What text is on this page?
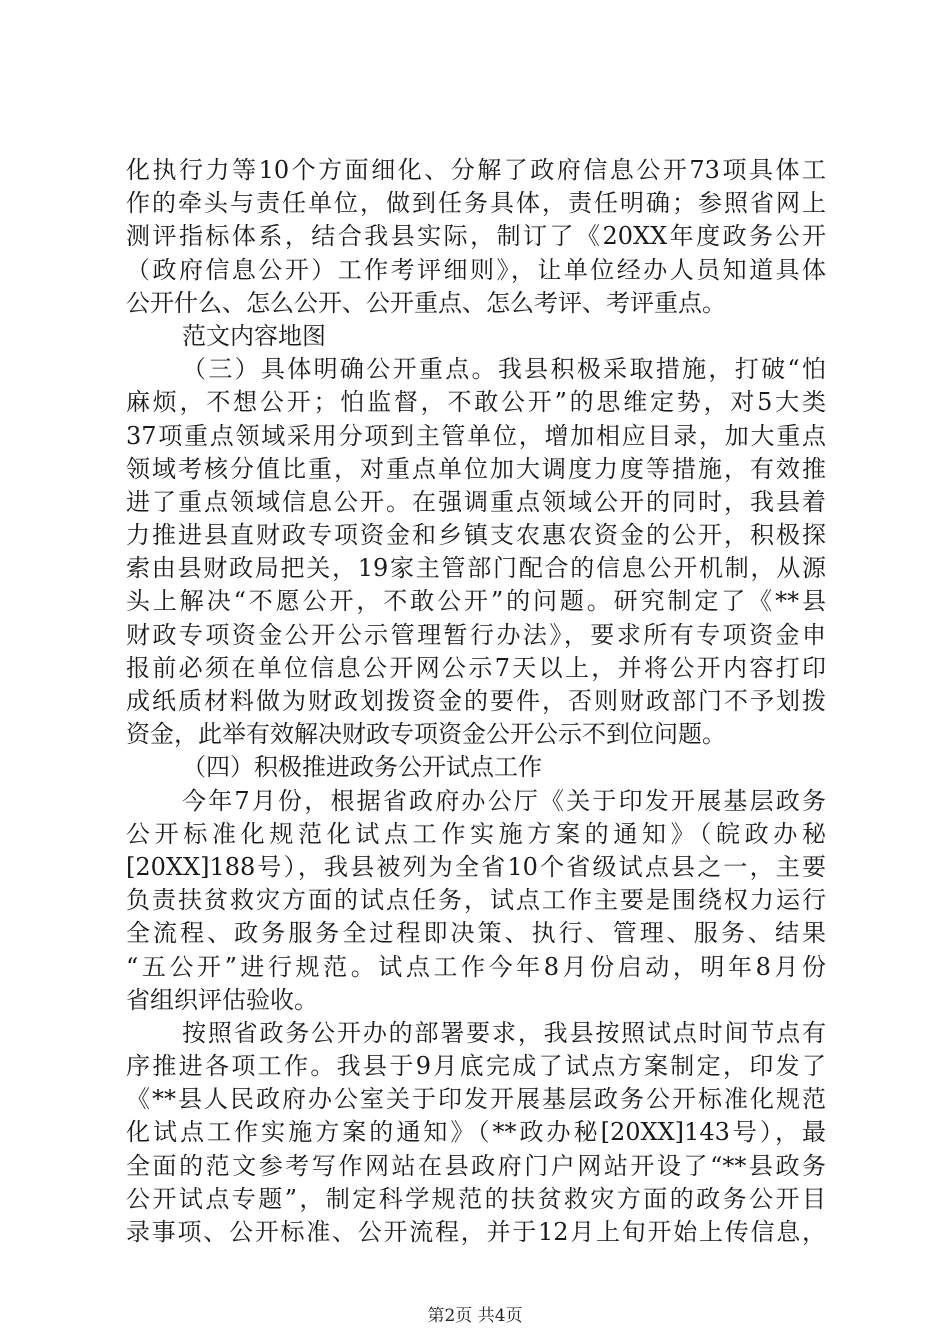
化执行力等10个方面细化、分解了政府信息公开73项具体工
作的牵头与责任单位，做到任务具体，责任明确；参照省网上
测评指标体系，结合我县实际，制订了《20XX年度政务公开
（政府信息公开）工作考评细则》，让单位经办人员知道具体
公开什么、怎么公开、公开重点、怎么考评、考评重点。
范文内容地图
（三）具体明确公开重点。我县积极采取措施，打破“怕
麻烦，不想公开；怕监督，不敢公开”的思维定势，对5大类
37项重点领域采用分项到主管单位，增加相应目录，加大重点
领域考核分值比重，对重点单位加大调度力度等措施，有效推
进了重点领域信息公开。在强调重点领域公开的同时，我县着
力推进县直财政专项资金和乡镇支农惠农资金的公开，积极探
索由县财政局把关，19家主管部门配合的信息公开机制，从源
头上解决“不愿公开，不敢公开”的问题。研究制定了《**县
财政专项资金公开公示管理暂行办法》，要求所有专项资金申
报前必须在单位信息公开网公示7天以上，并将公开内容打印
成纸质材料做为财政划拨资金的要件，否则财政部门不予划拨
资金，此举有效解决财政专项资金公开公示不到位问题。
（四）积极推进政务公开试点工作
今年7月份，根据省政府办公厅《关于印发开展基层政务
公开标准化规范化试点工作实施方案的通知》（皖政办秘
[20XX]188号），我县被列为全省10个省级试点县之一，主要
负责扶贫救灾方面的试点任务，试点工作主要是围绕权力运行
全流程、政务服务全过程即决策、执行、管理、服务、结果
“五公开”进行规范。试点工作今年8月份启动，明年8月份
省组织评估验收。
按照省政务公开办的部署要求，我县按照试点时间节点有
序推进各项工作。我县于9月底完成了试点方案制定，印发了
《**县人民政府办公室关于印发开展基层政务公开标准化规范
化试点工作实施方案的通知》（**政办秘[20XX]143号），最
全面的范文参考写作网站在县政府门户网站开设了“**县政务
公开试点专题”，制定科学规范的扶贫救灾方面的政务公开目
录事项、公开标准、公开流程，并于12月上旬开始上传信息，
第2页 共4页
